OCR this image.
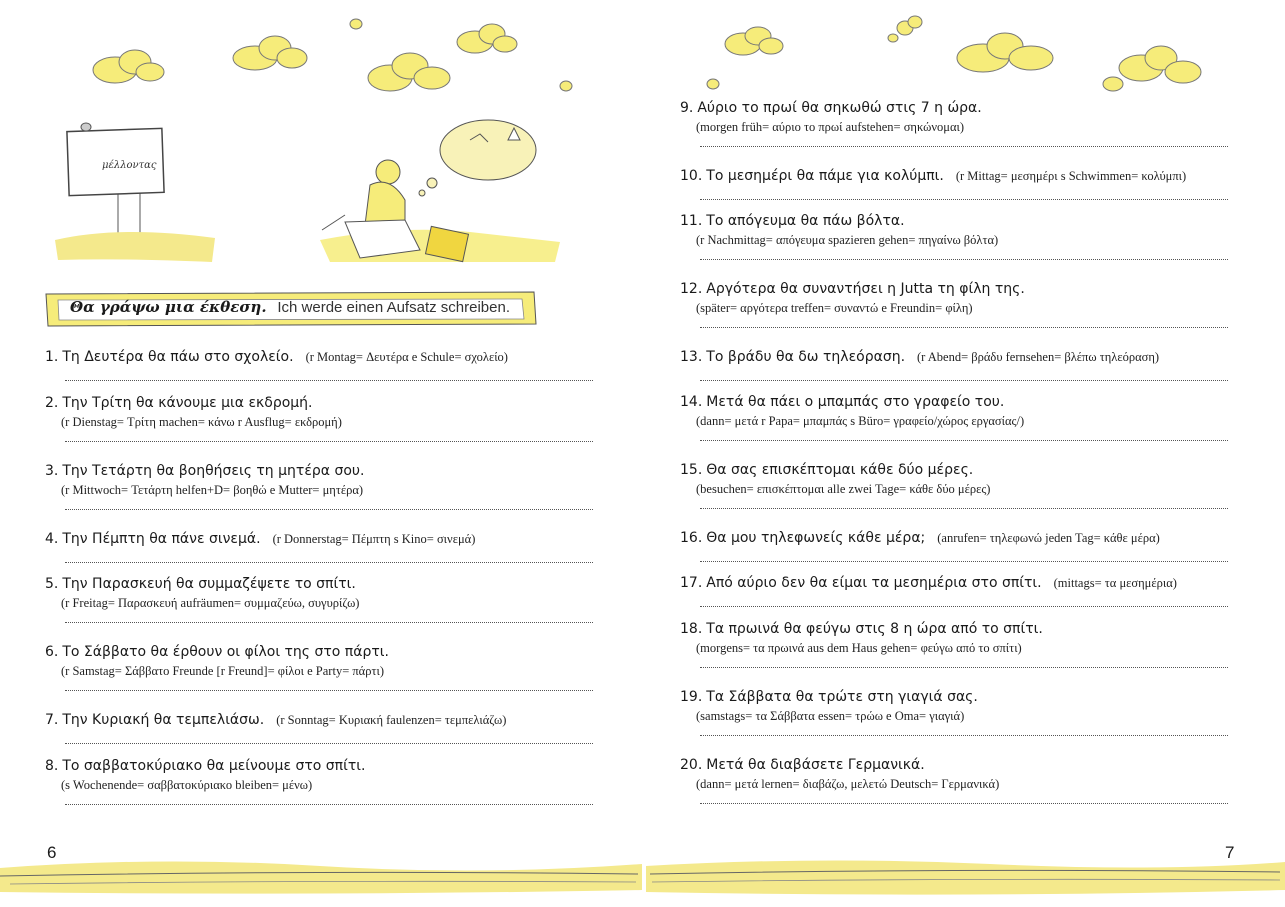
μέλλοντας
Θα γράψω μια έκθεση. Ich werde einen Aufsatz schreiben.
1. Τη Δευτέρα θα πάω στο σχολείο. (r Montag= Δευτέρα e Schule= σχολείο)
2. Την Τρίτη θα κάνουμε μια εκδρομή.
(r Dienstag= Τρίτη machen= κάνω r Ausflug= εκδρομή)
3. Την Τετάρτη θα βοηθήσεις τη μητέρα σου.
(r Mittwoch= Τετάρτη helfen+D= βοηθώ e Mutter= μητέρα)
4. Την Πέμπτη θα πάνε σινεμά. (r Donnerstag= Πέμπτη s Kino= σινεμά)
5. Την Παρασκευή θα συμμαζέψετε το σπίτι.
(r Freitag= Παρασκευή aufräumen= συμμαζεύω, συγυρίζω)
6. Το Σάββατο θα έρθουν οι φίλοι της στο πάρτι.
(r Samstag= Σάββατο Freunde [r Freund]= φίλοι e Party= πάρτι)
7. Την Κυριακή θα τεμπελιάσω. (r Sonntag= Κυριακή faulenzen= τεμπελιάζω)
8. Το σαββατοκύριακο θα μείνουμε στο σπίτι.
(s Wochenende= σαββατοκύριακο bleiben= μένω)
6
9. Αύριο το πρωί θα σηκωθώ στις 7 η ώρα.
(morgen früh= αύριο το πρωί aufstehen= σηκώνομαι)
10. Το μεσημέρι θα πάμε για κολύμπι. (r Mittag= μεσημέρι s Schwimmen= κολύμπι)
11. Το απόγευμα θα πάω βόλτα.
(r Nachmittag= απόγευμα spazieren gehen= πηγαίνω βόλτα)
12. Αργότερα θα συναντήσει η Jutta τη φίλη της.
(später= αργότερα treffen= συναντώ e Freundin= φίλη)
13. Το βράδυ θα δω τηλεόραση. (r Abend= βράδυ fernsehen= βλέπω τηλεόραση)
14. Μετά θα πάει ο μπαμπάς στο γραφείο του.
(dann= μετά r Papa= μπαμπάς s Büro= γραφείο/χώρος εργασίας/)
15. Θα σας επισκέπτομαι κάθε δύο μέρες.
(besuchen= επισκέπτομαι alle zwei Tage= κάθε δύο μέρες)
16. Θα μου τηλεφωνείς κάθε μέρα; (anrufen= τηλεφωνώ jeden Tag= κάθε μέρα)
17. Από αύριο δεν θα είμαι τα μεσημέρια στο σπίτι. (mittags= τα μεσημέρια)
18. Τα πρωινά θα φεύγω στις 8 η ώρα από το σπίτι.
(morgens= τα πρωινά aus dem Haus gehen= φεύγω από το σπίτι)
19. Τα Σάββατα θα τρώτε στη γιαγιά σας.
(samstags= τα Σάββατα essen= τρώω e Oma= γιαγιά)
20. Μετά θα διαβάσετε Γερμανικά.
(dann= μετά lernen= διαβάζω, μελετώ Deutsch= Γερμανικά)
7
